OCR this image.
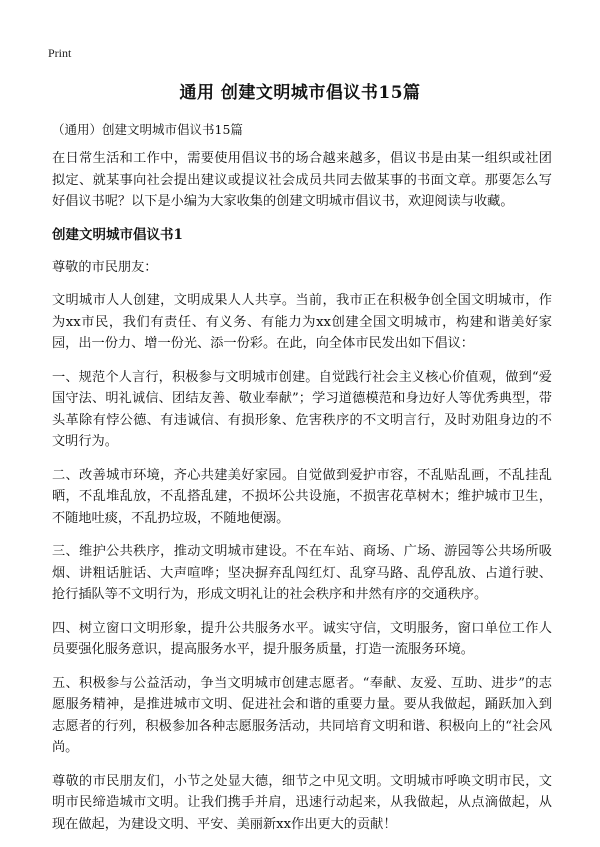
Print
通用 创建文明城市倡议书15篇
（通用）创建文明城市倡议书15篇

在日常生活和工作中，需要使用倡议书的场合越来越多，倡议书是由某一组织或社团拟定、就某事向社会提出建议或提议社会成员共同去做某事的书面文章。那要怎么写好倡议书呢？以下是小编为大家收集的创建文明城市倡议书，欢迎阅读与收藏。

创建文明城市倡议书1

尊敬的市民朋友：

文明城市人人创建，文明成果人人共享。当前，我市正在积极争创全国文明城市，作为xx市民，我们有责任、有义务、有能力为xx创建全国文明城市，构建和谐美好家园，出一份力、增一份光、添一份彩。在此，向全体市民发出如下倡议：

一、规范个人言行，积极参与文明城市创建。自觉践行社会主义核心价值观，做到“爱国守法、明礼诚信、团结友善、敬业奉献”；学习道德模范和身边好人等优秀典型，带头革除有悖公德、有违诚信、有损形象、危害秩序的不文明言行，及时劝阻身边的不文明行为。

二、改善城市环境，齐心共建美好家园。自觉做到爱护市容，不乱贴乱画，不乱挂乱晒，不乱堆乱放，不乱搭乱建，不损坏公共设施，不损害花草树木；维护城市卫生，不随地吐痰，不乱扔垃圾，不随地便溺。

三、维护公共秩序，推动文明城市建设。不在车站、商场、广场、游园等公共场所吸烟、讲粗话脏话、大声喧哗；坚决摒弃乱闯红灯、乱穿马路、乱停乱放、占道行驶、抢行插队等不文明行为，形成文明礼让的社会秩序和井然有序的交通秩序。

四、树立窗口文明形象，提升公共服务水平。诚实守信，文明服务，窗口单位工作人员要强化服务意识，提高服务水平，提升服务质量，打造一流服务环境。

五、积极参与公益活动，争当文明城市创建志愿者。“奉献、友爱、互助、进步”的志愿服务精神，是推进城市文明、促进社会和谐的重要力量。要从我做起，踊跃加入到志愿者的行列，积极参加各种志愿服务活动，共同培育文明和谐、积极向上的“社会风尚。

尊敬的市民朋友们，小节之处显大德，细节之中见文明。文明城市呼唤文明市民，文明市民缔造城市文明。让我们携手并肩，迅速行动起来，从我做起，从点滴做起，从现在做起，为建设文明、平安、美丽新xx作出更大的贡献！
